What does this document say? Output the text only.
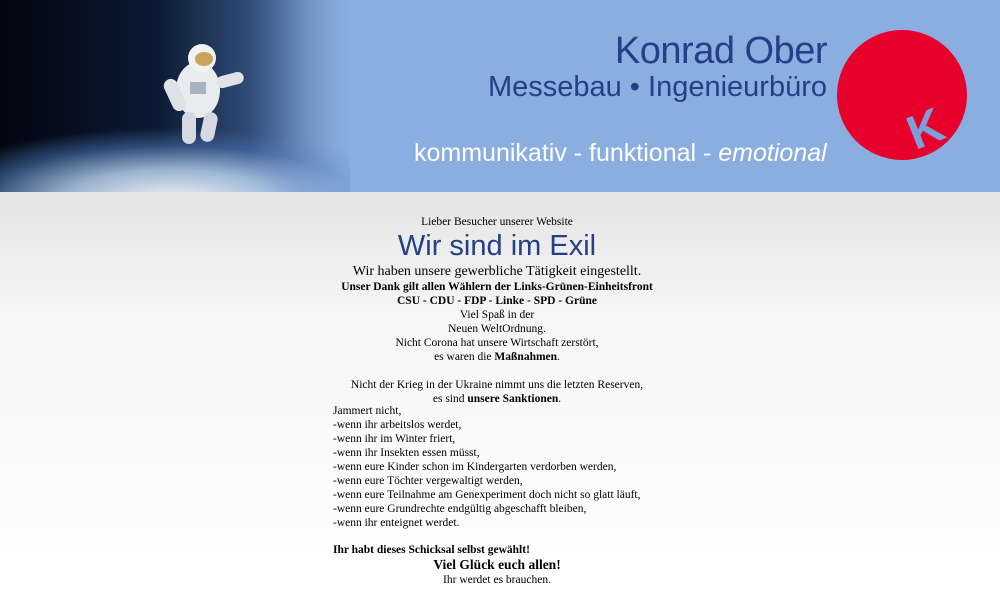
Konrad Ober
Messebau • Ingenieurbüro
K
kommunikativ - funktional - emotional
Lieber Besucher unserer Website
Wir sind im Exil
Wir haben unsere gewerbliche Tätigkeit eingestellt.
Unser Dank gilt allen Wählern der Links-Grünen-Einheitsfront
CSU - CDU - FDP - Linke - SPD - Grüne
Viel Spaß in der
Neuen WeltOrdnung.
Nicht Corona hat unsere Wirtschaft zerstört,
es waren die Maßnahmen.
Nicht der Krieg in der Ukraine nimmt uns die letzten Reserven,
es sind unsere Sanktionen.
Jammert nicht,
-wenn ihr arbeitslos werdet,
-wenn ihr im Winter friert,
-wenn ihr Insekten essen müsst,
-wenn eure Kinder schon im Kindergarten verdorben werden,
-wenn eure Töchter vergewaltigt werden,
-wenn eure Teilnahme am Genexperiment doch nicht so glatt läuft,
-wenn eure Grundrechte endgültig abgeschafft bleiben,
-wenn ihr enteignet werdet.
Ihr habt dieses Schicksal selbst gewählt!
Viel Glück euch allen!
Ihr werdet es brauchen.
